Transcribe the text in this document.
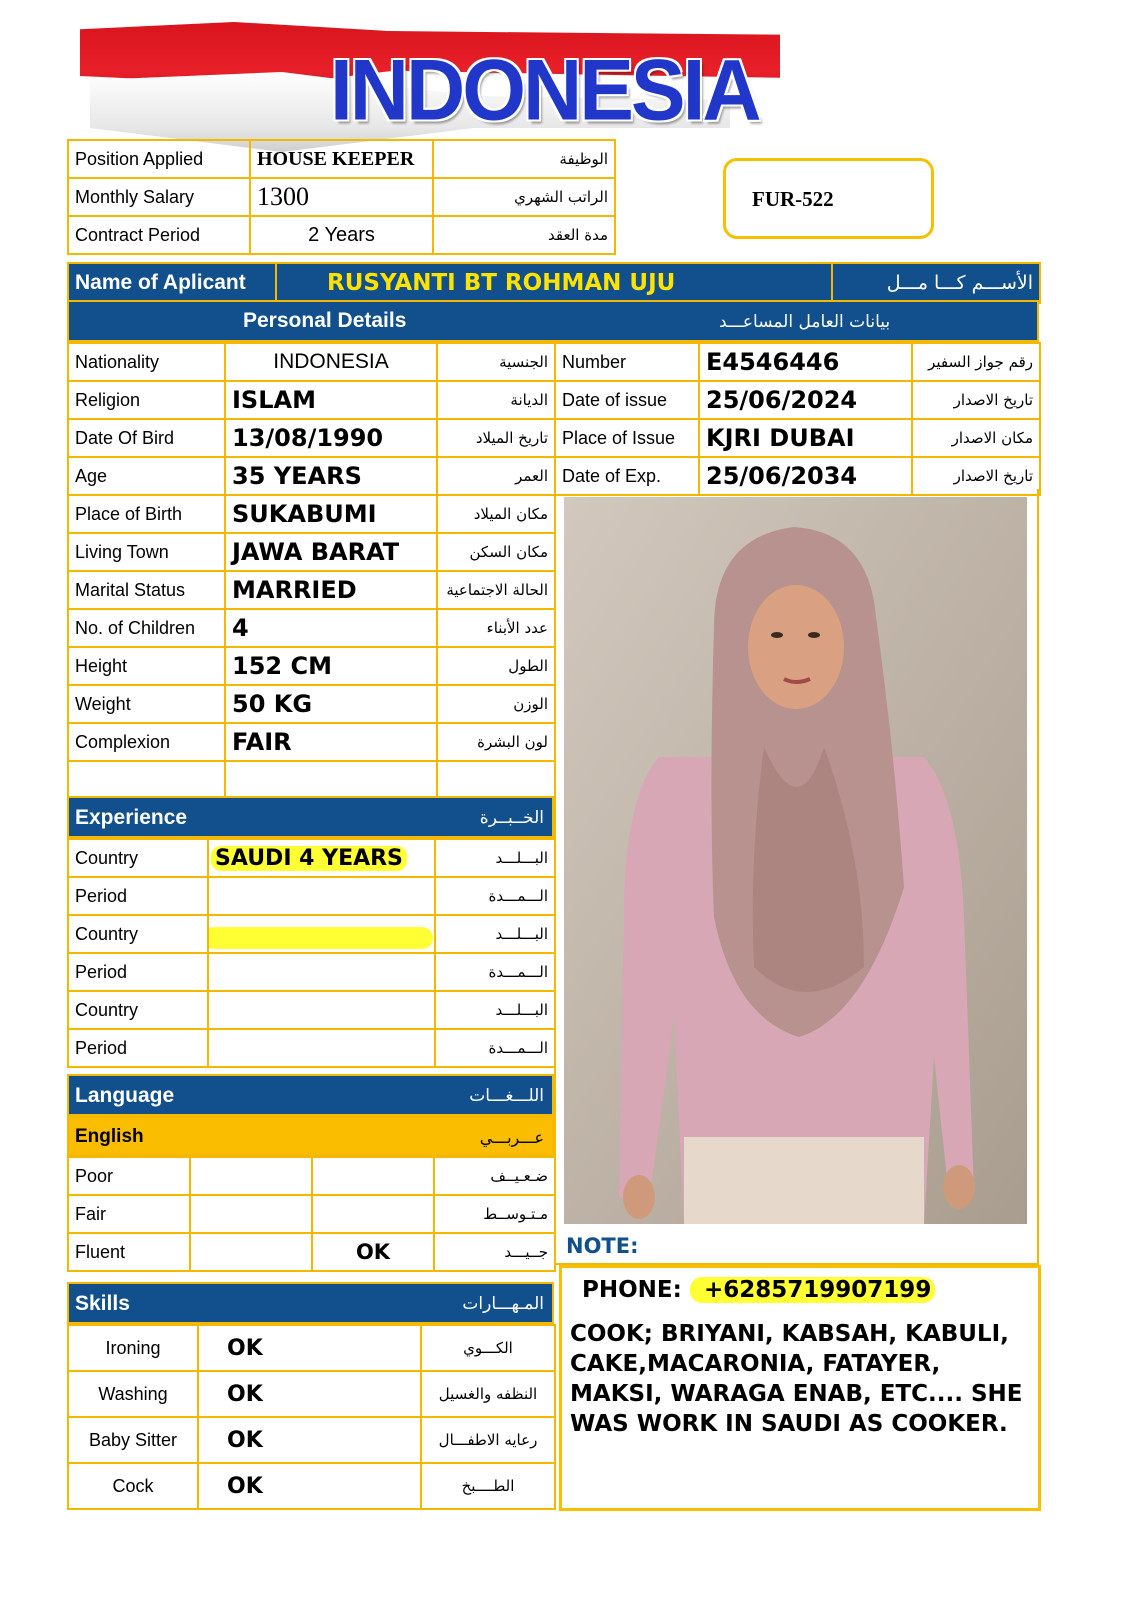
INDONESIA
Position Applied	HOUSE KEEPER	الوظيفة
Monthly Salary	1300	الراتب الشهري
Contract Period	2 Years	مدة العقد
FUR-522
Name of Aplicant	RUSYANTI BT ROHMAN UJU	الأســـم كـــا مـــل
Personal Details	بيانات العامل المساعـــد
Nationality	INDONESIA	الجنسية
Religion	ISLAM	الديانة
Date Of Bird	13/08/1990	تاريخ الميلاد
Age	35 YEARS	العمر
Place of Birth	SUKABUMI	مكان الميلاد
Living Town	JAWA BARAT	مكان السكن
Marital Status	MARRIED	الحالة الاجتماعية
No. of Children	4	عدد الأبناء
Height	152 CM	الطول
Weight	50 KG	الوزن
Complexion	FAIR	لون البشرة

Number	E4546446	رقم جواز السفير
Date of issue	25/06/2024	تاريخ الاصدار
Place of Issue	KJRI DUBAI	مكان الاصدار
Date of Exp.	25/06/2034	تاريخ الاصدار
Experience	الخــبــرة
Country	SAUDI 4 YEARS	البـــلـــد
Period		الـــمـــدة
Country		البـــلـــد
Period		الـــمـــدة
Country		البـــلـــد
Period		الـــمـــدة
Language	اللـــغـــات
English	عـــربـــي
Poor			ضـعـيــف
Fair			مـتـوســط
Fluent		OK	جــيـــد
Skills	المـهـــارات
Ironing	OK	الكـــوي
Washing	OK	النظفه والغسيل
Baby Sitter	OK	رعايه الاطفـــال
Cock	OK	الطــــبخ
NOTE:
PHONE: +6285719907199
COOK; BRIYANI, KABSAH, KABULI, CAKE,MACARONIA, FATAYER, MAKSI, WARAGA ENAB, ETC.... SHE WAS WORK IN SAUDI AS COOKER.
